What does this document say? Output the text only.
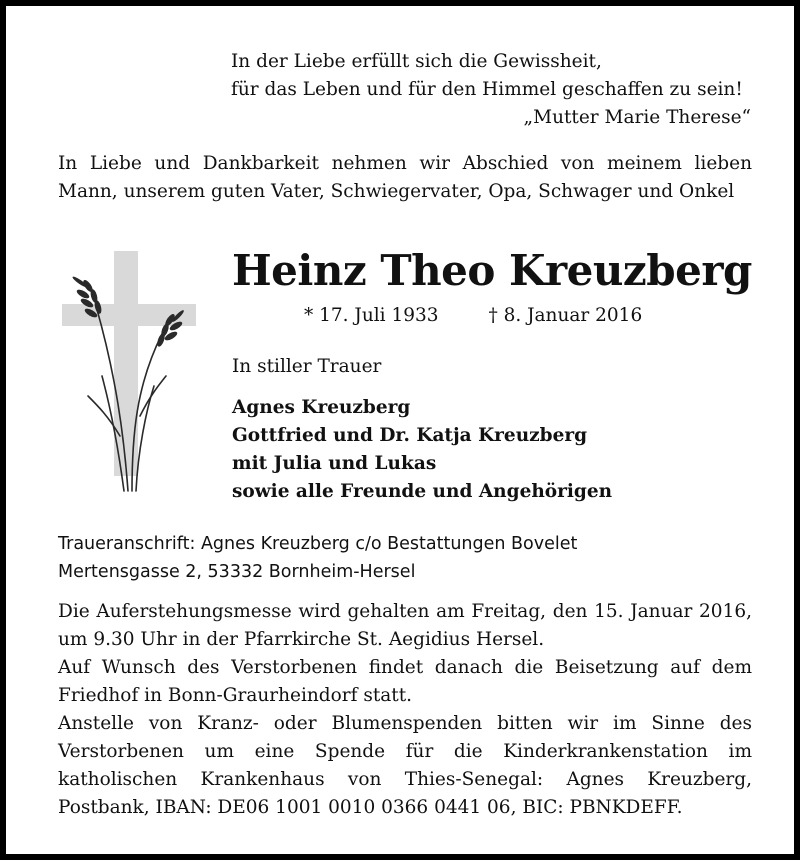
In der Liebe erfüllt sich die Gewissheit,
für das Leben und für den Himmel geschaffen zu sein!
„Mutter Marie Therese“
In Liebe und Dankbarkeit nehmen wir Abschied von meinem lieben Mann, unserem guten Vater, Schwiegervater, Opa, Schwager und Onkel
Heinz Theo Kreuzberg
* 17. Juli 1933	† 8. Januar 2016
In stiller Trauer
Agnes Kreuzberg
Gottfried und Dr. Katja Kreuzberg
mit Julia und Lukas
sowie alle Freunde und Angehörigen
Traueranschrift: Agnes Kreuzberg c/o Bestattungen Bovelet
Mertensgasse 2, 53332 Bornheim-Hersel

Die Auferstehungsmesse wird gehalten am Freitag, den 15. Januar 2016, um 9.30 Uhr in der Pfarrkirche St. Aegidius Hersel.

Auf Wunsch des Verstorbenen findet danach die Beisetzung auf dem Friedhof in Bonn-Graurheindorf statt.

Anstelle von Kranz- oder Blumenspenden bitten wir im Sinne des Verstorbenen um eine Spende für die Kinderkrankenstation im katholischen Krankenhaus von Thies-Senegal: Agnes Kreuzberg, Postbank, IBAN: DE06 1001 0010 0366 0441 06, BIC: PBNKDEFF.
